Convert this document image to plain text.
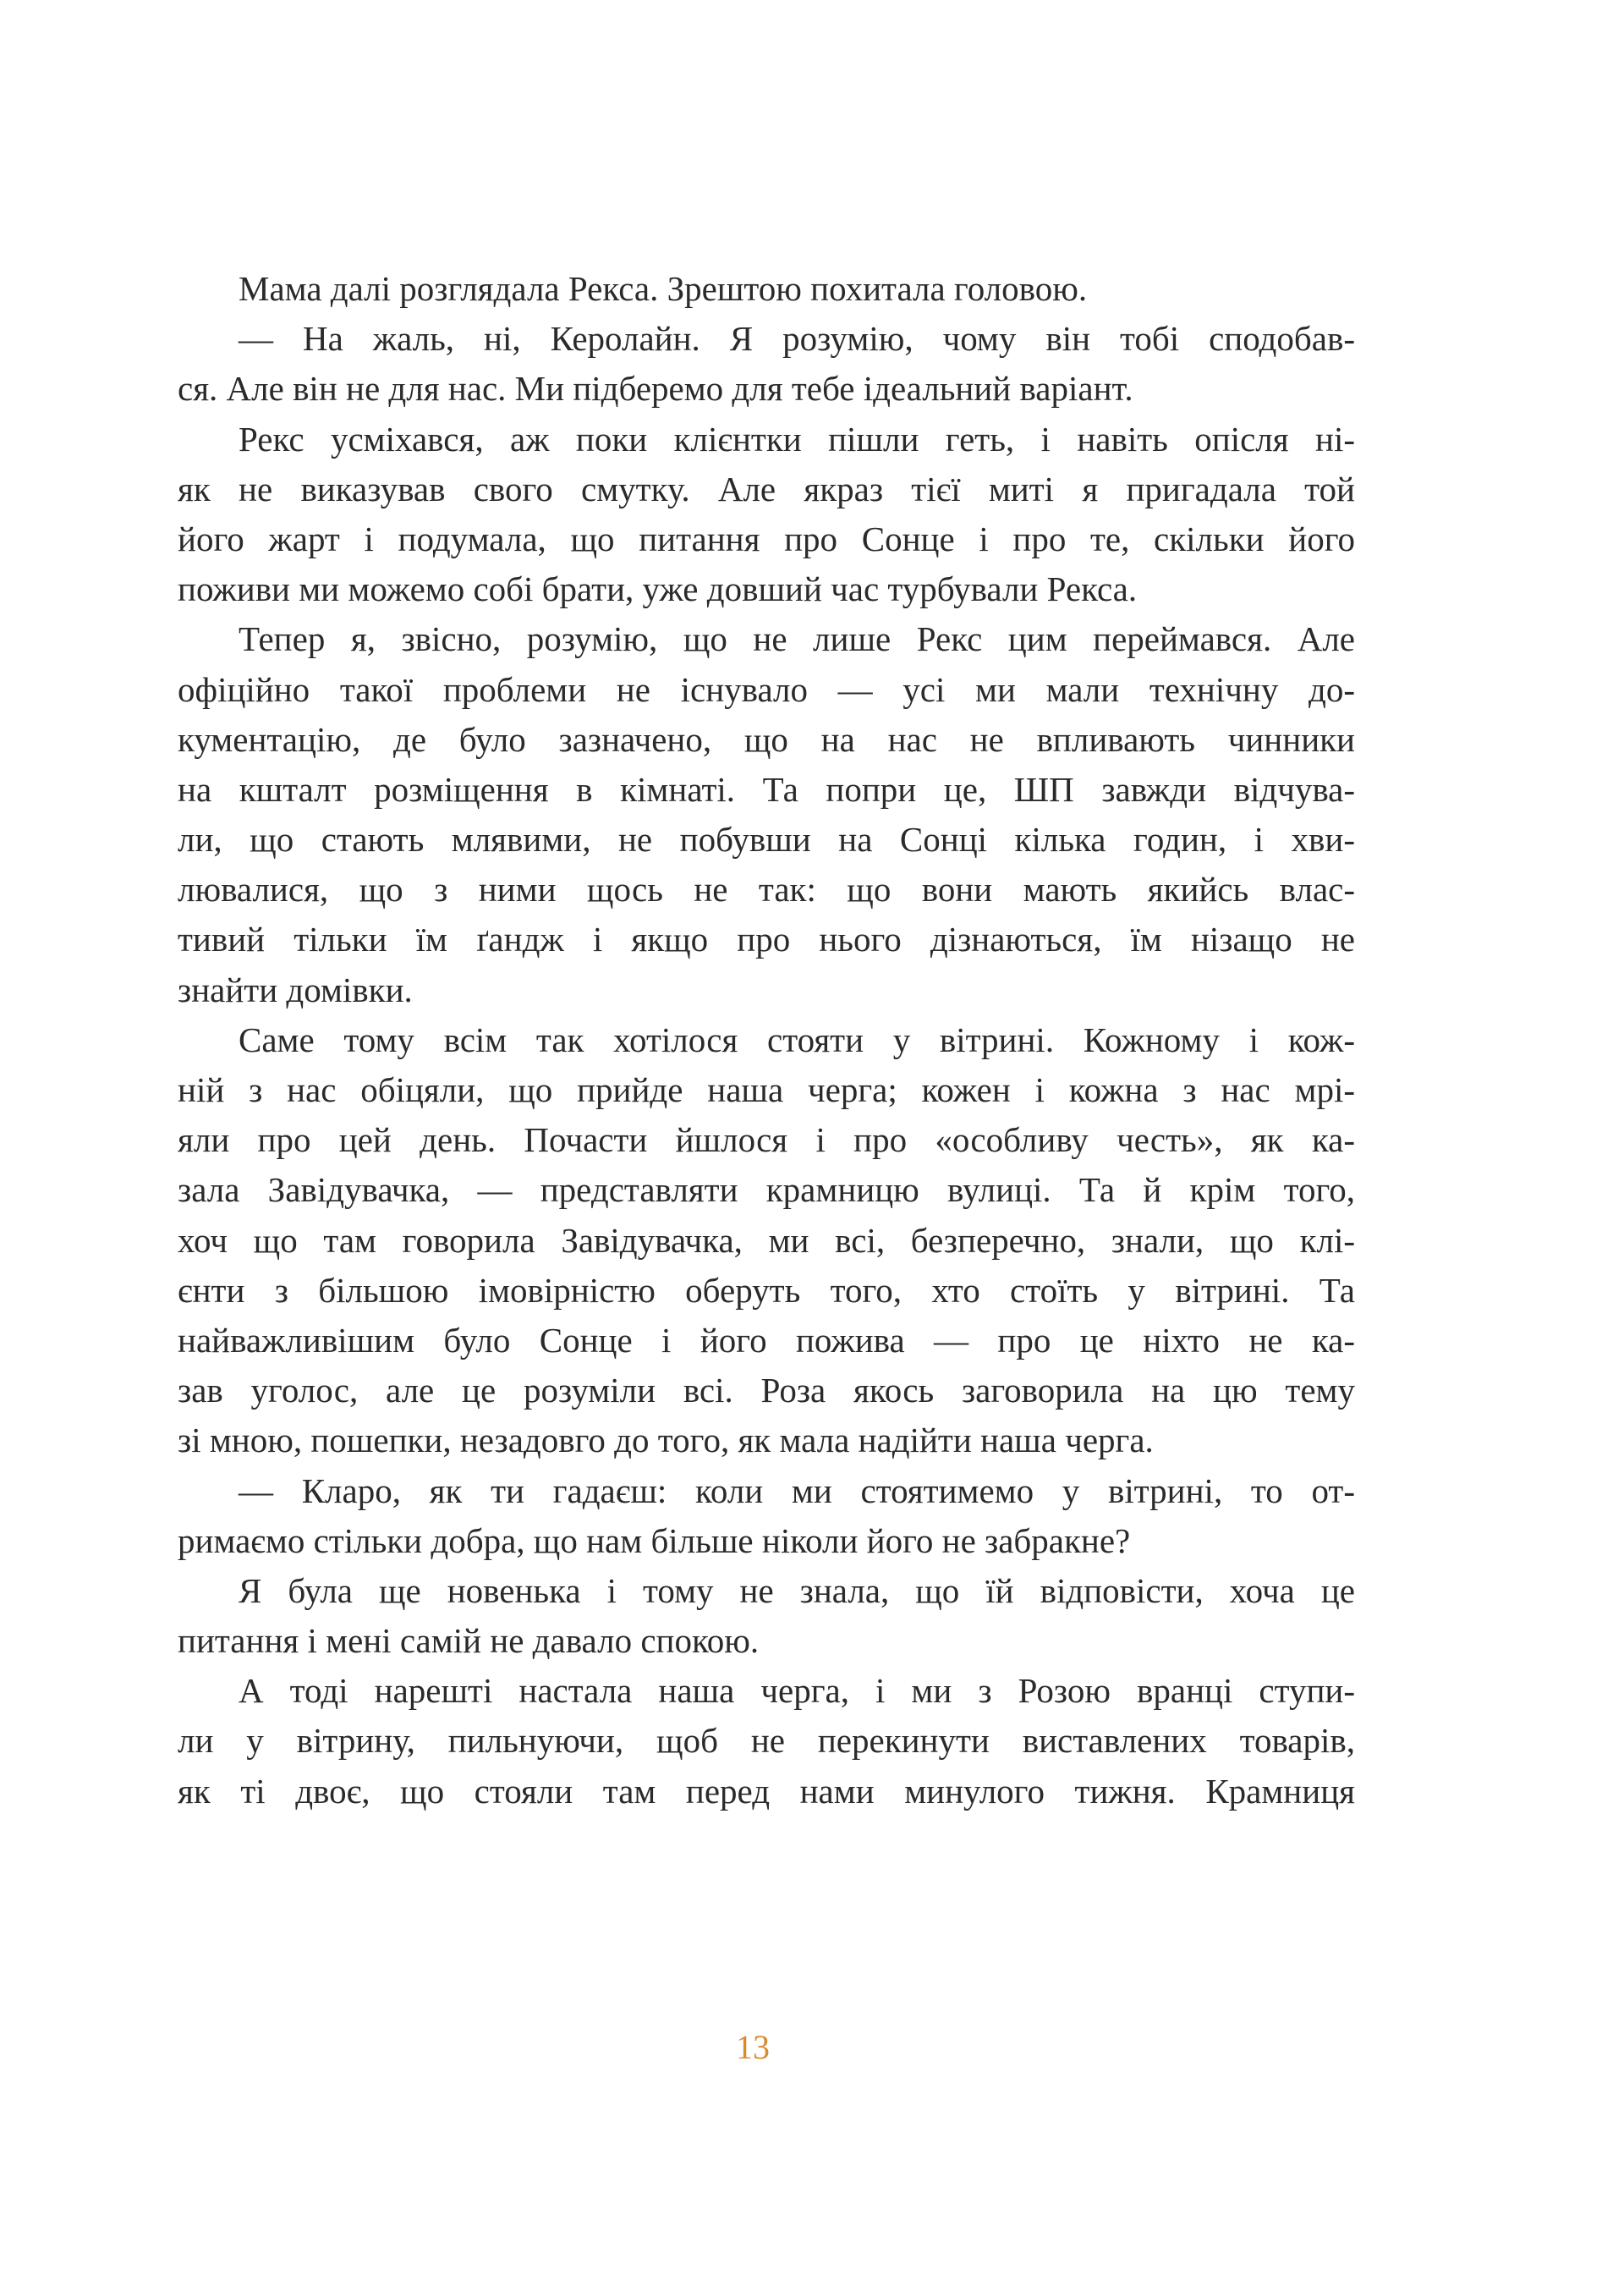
Мама далі розглядала Рекса. Зрештою похитала головою.
— На жаль, ні, Керолайн. Я розумію, чому він тобі сподобав-
ся. Але він не для нас. Ми підберемо для тебе ідеальний варіант.
Рекс усміхався, аж поки клієнтки пішли геть, і навіть опісля ні-
як не виказував свого смутку. Але якраз тієї миті я пригадала той
його жарт і подумала, що питання про Сонце і про те, скільки його
поживи ми можемо собі брати, уже довший час турбували Рекса.
Тепер я, звісно, розумію, що не лише Рекс цим переймався. Але
офіційно такої проблеми не існувало — усі ми мали технічну до-
кументацію, де було зазначено, що на нас не впливають чинники
на кшталт розміщення в кімнаті. Та попри це, ШП завжди відчува-
ли, що стають млявими, не побувши на Сонці кілька годин, і хви-
лювалися, що з ними щось не так: що вони мають якийсь влас-
тивий тільки їм ґандж і якщо про нього дізнаються, їм нізащо не
знайти домівки.
Саме тому всім так хотілося стояти у вітрині. Кожному і кож-
ній з нас обіцяли, що прийде наша черга; кожен і кожна з нас мрі-
яли про цей день. Почасти йшлося і про «особливу честь», як ка-
зала Завідувачка, — представляти крамницю вулиці. Та й крім того,
хоч що там говорила Завідувачка, ми всі, безперечно, знали, що клі-
єнти з більшою імовірністю оберуть того, хто стоїть у вітрині. Та
найважливішим було Сонце і його пожива — про це ніхто не ка-
зав уголос, але це розуміли всі. Роза якось заговорила на цю тему
зі мною, пошепки, незадовго до того, як мала надійти наша черга.
— Кларо, як ти гадаєш: коли ми стоятимемо у вітрині, то от-
римаємо стільки добра, що нам більше ніколи його не забракне?
Я була ще новенька і тому не знала, що їй відповісти, хоча це
питання і мені самій не давало спокою.
А тоді нарешті настала наша черга, і ми з Розою вранці ступи-
ли у вітрину, пильнуючи, щоб не перекинути виставлених товарів,
як ті двоє, що стояли там перед нами минулого тижня. Крамниця
13
